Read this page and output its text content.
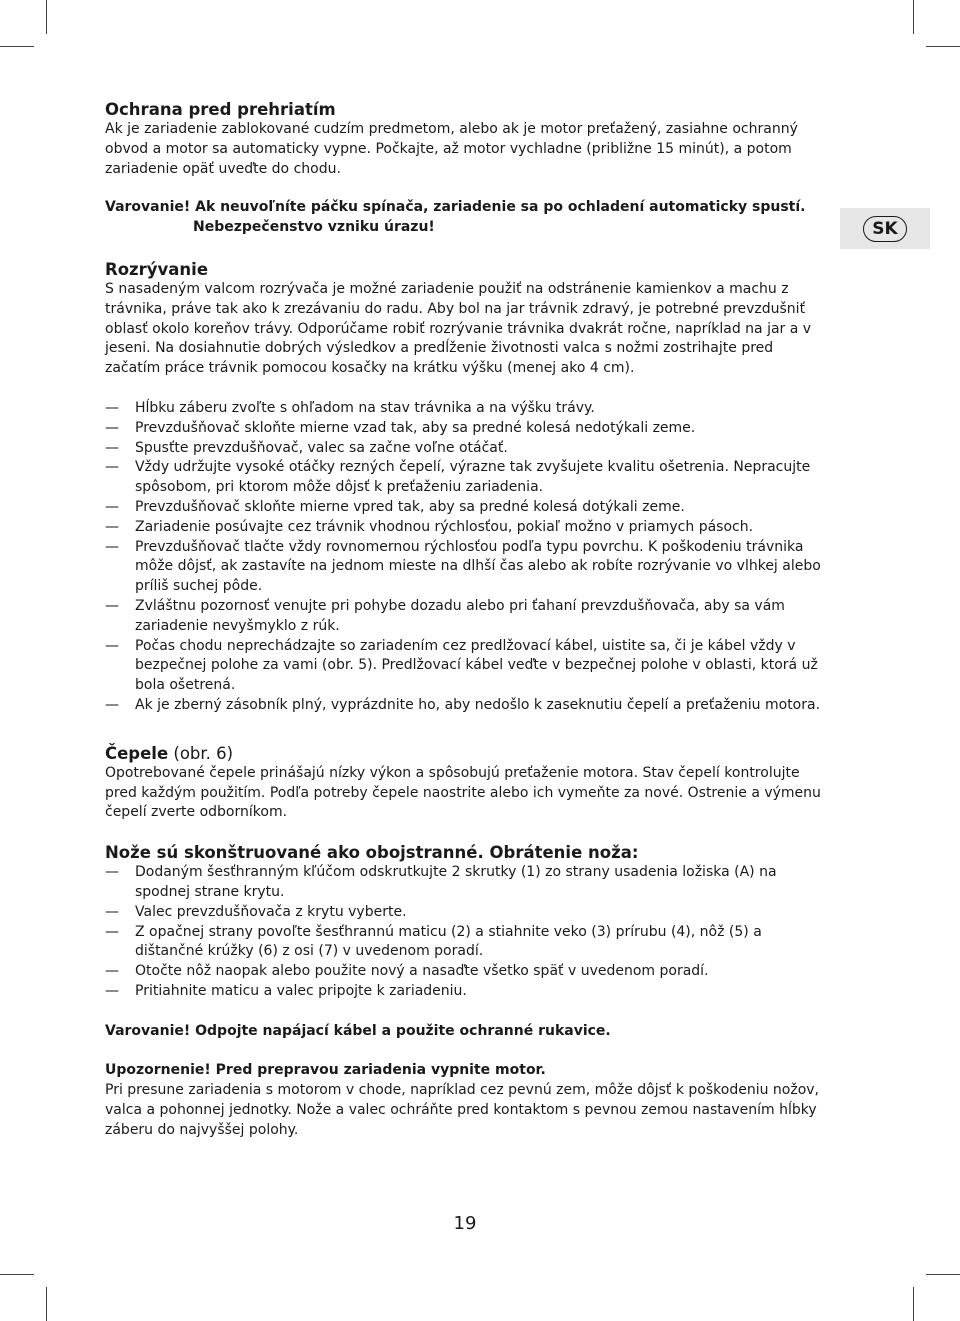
SK
Ochrana pred prehriatím

Ak je zariadenie zablokované cudzím predmetom, alebo ak je motor preťažený, zasiahne ochranný obvod a motor sa automaticky vypne. Počkajte, až motor vychladne (približne 15 minút), a potom zariadenie opäť uveďte do chodu.

Varovanie! Ak neuvoľníte páčku spínača, zariadenie sa po ochladení automaticky spustí.
Nebezpečenstvo vzniku úrazu!
Rozrývanie

S nasadeným valcom rozrývača je možné zariadenie použiť na odstránenie kamienkov a machu z trávnika, práve tak ako k zrezávaniu do radu. Aby bol na jar trávnik zdravý, je potrebné prevzdušniť oblasť okolo koreňov trávy. Odporúčame robiť rozrývanie trávnika dvakrát ročne, napríklad na jar a v jeseni. Na dosiahnutie dobrých výsledkov a predĺženie životnosti valca s nožmi zostrihajte pred začatím práce trávnik pomocou kosačky na krátku výšku (menej ako 4 cm).

— Hĺbku záberu zvoľte s ohľadom na stav trávnika a na výšku trávy.
— Prevzdušňovač skloňte mierne vzad tak, aby sa predné kolesá nedotýkali zeme.
— Spusťte prevzdušňovač, valec sa začne voľne otáčať.
— Vždy udržujte vysoké otáčky rezných čepelí, výrazne tak zvyšujete kvalitu ošetrenia. Nepracujte spôsobom, pri ktorom môže dôjsť k preťaženiu zariadenia.
— Prevzdušňovač skloňte mierne vpred tak, aby sa predné kolesá dotýkali zeme.
— Zariadenie posúvajte cez trávnik vhodnou rýchlosťou, pokiaľ možno v priamych pásoch.
— Prevzdušňovač tlačte vždy rovnomernou rýchlosťou podľa typu povrchu. K poškodeniu trávnika môže dôjsť, ak zastavíte na jednom mieste na dlhší čas alebo ak robíte rozrývanie vo vlhkej alebo príliš suchej pôde.
— Zvláštnu pozornosť venujte pri pohybe dozadu alebo pri ťahaní prevzdušňovača, aby sa vám zariadenie nevyšmyklo z rúk.
— Počas chodu neprechádzajte so zariadením cez predlžovací kábel, uistite sa, či je kábel vždy v bezpečnej polohe za vami (obr. 5). Predlžovací kábel veďte v bezpečnej polohe v oblasti, ktorá už bola ošetrená.
— Ak je zberný zásobník plný, vyprázdnite ho, aby nedošlo k zaseknutiu čepelí a preťaženiu motora.
Čepele (obr. 6)

Opotrebované čepele prinášajú nízky výkon a spôsobujú preťaženie motora. Stav čepelí kontrolujte pred každým použitím. Podľa potreby čepele naostrite alebo ich vymeňte za nové. Ostrenie a výmenu čepelí zverte odborníkom.

Nože sú skonštruované ako obojstranné. Obrátenie noža:
— Dodaným šesťhranným kľúčom odskrutkujte 2 skrutky (1) zo strany usadenia ložiska (A) na spodnej strane krytu.
— Valec prevzdušňovača z krytu vyberte.
— Z opačnej strany povoľte šesťhrannú maticu (2) a stiahnite veko (3) prírubu (4), nôž (5) a dištančné krúžky (6) z osi (7) v uvedenom poradí.
— Otočte nôž naopak alebo použite nový a nasaďte všetko späť v uvedenom poradí.
— Pritiahnite maticu a valec pripojte k zariadeniu.

Varovanie! Odpojte napájací kábel a použite ochranné rukavice.

Upozornenie! Pred prepravou zariadenia vypnite motor.

Pri presune zariadenia s motorom v chode, napríklad cez pevnú zem, môže dôjsť k poškodeniu nožov, valca a pohonnej jednotky. Nože a valec ochráňte pred kontaktom s pevnou zemou nastavením hĺbky záberu do najvyššej polohy.

19
